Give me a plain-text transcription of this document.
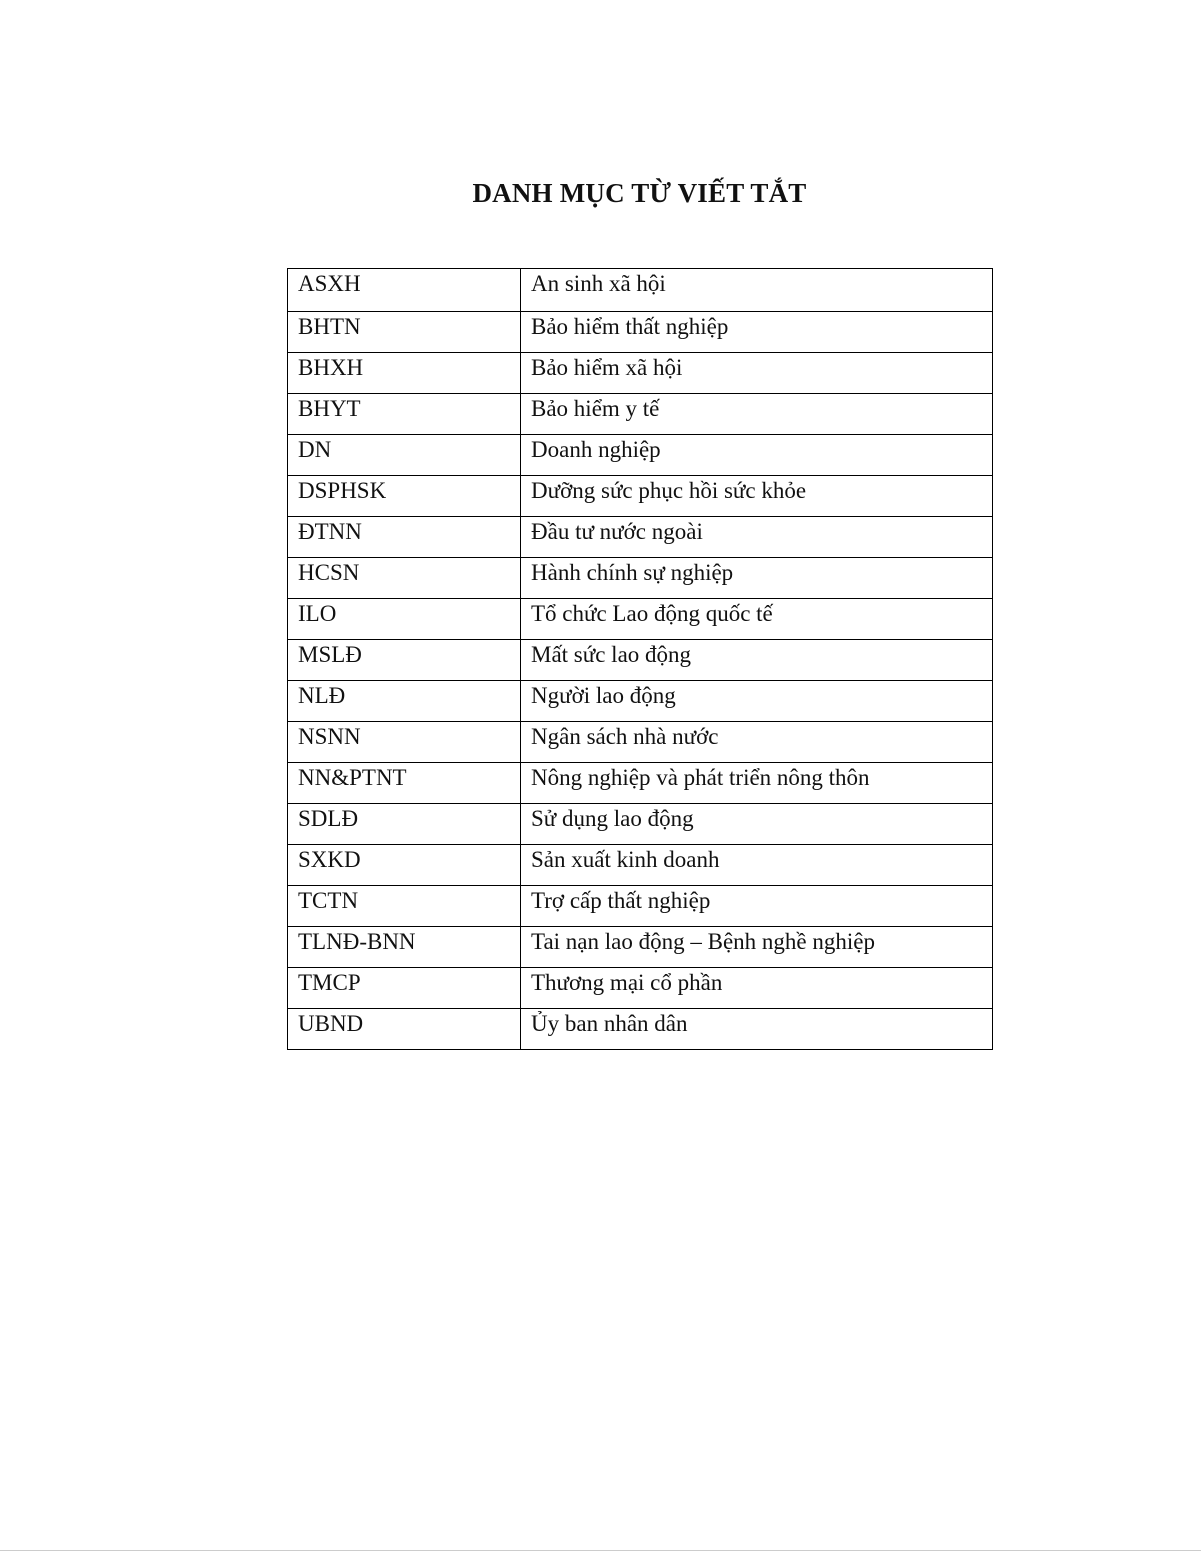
DANH MỤC TỪ VIẾT TẮT
ASXH	An sinh xã hội
BHTN	Bảo hiểm thất nghiệp
BHXH	Bảo hiểm xã hội
BHYT	Bảo hiểm y tế
DN	Doanh nghiệp
DSPHSK	Dưỡng sức phục hồi sức khỏe
ĐTNN	Đầu tư nước ngoài
HCSN	Hành chính sự nghiệp
ILO	Tổ chức Lao động quốc tế
MSLĐ	Mất sức lao động
NLĐ	Người lao động
NSNN	Ngân sách nhà nước
NN&PTNT	Nông nghiệp và phát triển nông thôn
SDLĐ	Sử dụng lao động
SXKD	Sản xuất kinh doanh
TCTN	Trợ cấp thất nghiệp
TLNĐ-BNN	Tai nạn lao động – Bệnh nghề nghiệp
TMCP	Thương mại cổ phần
UBND	Ủy ban nhân dân
